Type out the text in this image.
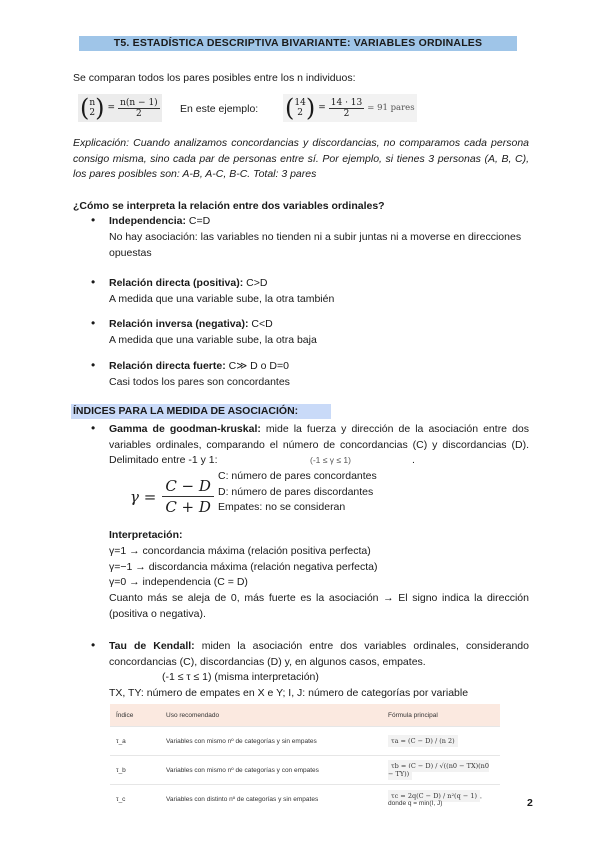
T5. ESTADÍSTICA DESCRIPTIVA BIVARIANTE: VARIABLES ORDINALES
Se comparan todos los pares posibles entre los n individuos:
( n
2 ) = $\frac{n(n - 1)}{2}$ En este ejemplo: ( 14
2 ) = $\frac{14 \cdot 13}{2} = 91$ pares
Explicación: Cuando analizamos concordancias y discordancias, no comparamos cada persona consigo misma, sino cada par de personas entre sí. Por ejemplo, si tienes 3 personas (A, B, C), los pares posibles son: A-B, A-C, B-C. Total: 3 pares
¿Cómo se interpreta la relación entre dos variables ordinales?
• Independencia: C=D
No hay asociación: las variables no tienden ni a subir juntas ni a moverse en direcciones opuestas
• Relación directa (positiva): C>D
A medida que una variable sube, la otra también
• Relación inversa (negativa): C<D
A medida que una variable sube, la otra baja
• Relación directa fuerte: C≫ D o D=0
Casi todos los pares son concordantes
ÍNDICES PARA LA MEDIDA DE ASOCIACIÓN:
• Gamma de goodman-kruskal: mide la fuerza y dirección de la asociación entre dos variables ordinales, comparando el número de concordancias (C) y discordancias (D). Delimitado entre -1 y 1:	(-1 ≤ γ ≤ 1)	.
$\gamma = \frac{C - D}{C + D} C$: número de pares concordantes
D: número de pares discordantes
Empates: no se consideran
Interpretación:
γ=1 → concordancia máxima (relación positiva perfecta)
γ=−1 → discordancia máxima (relación negativa perfecta)
γ=0 → independencia (C = D)
Cuanto más se aleja de 0, más fuerte es la asociación → El signo indica la dirección (positiva o negativa).
• Tau de Kendall: miden la asociación entre dos variables ordinales, considerando concordancias (C), discordancias (D) y, en algunos casos, empates.
(-1 ≤ τ ≤ 1) (misma interpretación)
TX, TY: número de empates en X e Y; I, J: número de categorías por variable
Índice	Uso recomendado	Fórmula principal
τ_a	Variables con mismo nº de categorías y sin empates	τa = (C − D) / (n 2)
τ_b	Variables con mismo nº de categorías y con empates	τb = (C − D) / √((n0 − TX)(n0 − TY))
τ_c	Variables con distinto nº de categorías y sin empates	τc = 2q(C − D) / n²(q − 1) , donde q = min(I, J)	2
